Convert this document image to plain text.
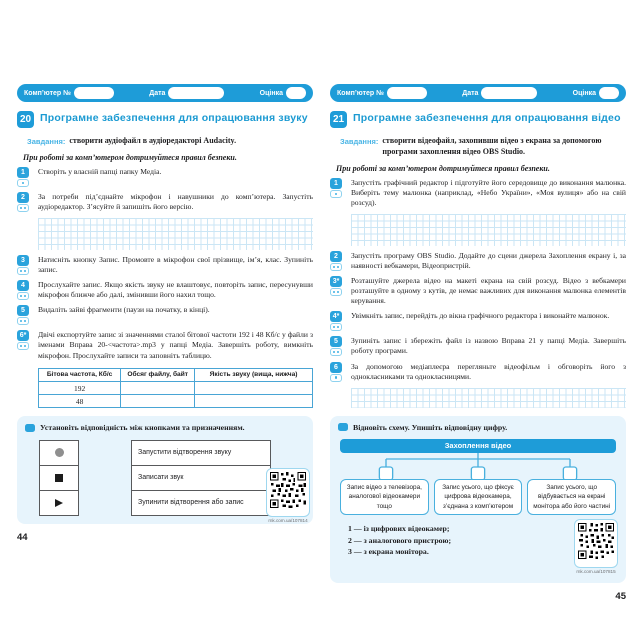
Комп’ютер №	Дата	Оцінка
20 Програмне забезпечення для опрацювання звуку
Завдання: створити аудіофайл в аудіоредакторі Audacity.
При роботі за комп’ютером дотримуйтеся правил безпеки.
1	Створіть у власній папці папку Медіа.
2	За потреби під’єднайте мікрофон і навушники до комп’ютера. Запустіть аудіоредактор. З’ясуйте й запишіть його версію.
3	Натисніть кнопку Запис. Промовте в мікрофон свої прізвище, ім’я, клас. Зупиніть запис.
4	Прослухайте запис. Якщо якість звуку не влаштовує, повторіть запис, пересунувши мікрофон ближче або далі, змінивши його нахил тощо.
5	Видаліть зайві фрагменти (паузи на початку, в кінці).
6*	Двічі експортуйте запис зі значеннями сталої бітової частоти 192 і 48 Кб/с у файли з іменами Вправа 20-<частота>.mp3 у папці Медіа. Завершіть роботу, вимкніть мікрофон. Прослухайте записи та заповніть таблицю.
Бітова частота, Кб/с	Обсяг файлу, байт	Якість звуку (вища, нижча)
192		
48		
Установіть відповідність між кнопками та призначенням.
Запустити відтворення звуку
Записати звук
Зупинити відтворення або запис
rnk.com.ua/107814
44
Комп’ютер №	Дата	Оцінка
21 Програмне забезпечення для опрацювання відео
Завдання: створити відеофайл, захопивши відео з екрана за допомогою програми захоплення відео OBS Studio.
При роботі за комп’ютером дотримуйтеся правил безпеки.
1	Запустіть графічний редактор і підготуйте його середовище до виконання малюнка. Виберіть тему малюнка (наприклад, «Небо України», «Моя вулиця» або на свій розсуд).
2	Запустіть програму OBS Studio. Додайте до сцени джерела Захоплення екрану і, за наявності вебкамери, Відеопристрій.
3*	Розташуйте джерела відео на макеті екрана на свій розсуд. Відео з вебкамери розташуйте в одному з кутів, де немає важливих для виконання малюнка елементів керування.
4*	Увімкніть запис, перейдіть до вікна графічного редактора і виконайте малюнок.
5	Зупиніть запис і збережіть файл із назвою Вправа 21 у папці Медіа. Завершіть роботу програми.
6	За допомогою медіаплеєра перегляньте відеофільм і обговоріть його з однокласниками та однокласницями.
Відновіть схему. Упишіть відповідну цифру.
Захоплення відео
Запис відео з телевізора, аналогової відеокамери тощо
Запис усього, що фіксує цифрова відеокамера, з’єднана з комп’ютером
Запис усього, що відбувається на екрані монітора або його частині
1 — із цифрових відеокамер;
2 — з аналогового пристрою;
3 — з екрана монітора.
rnk.com.ua/107815
45
